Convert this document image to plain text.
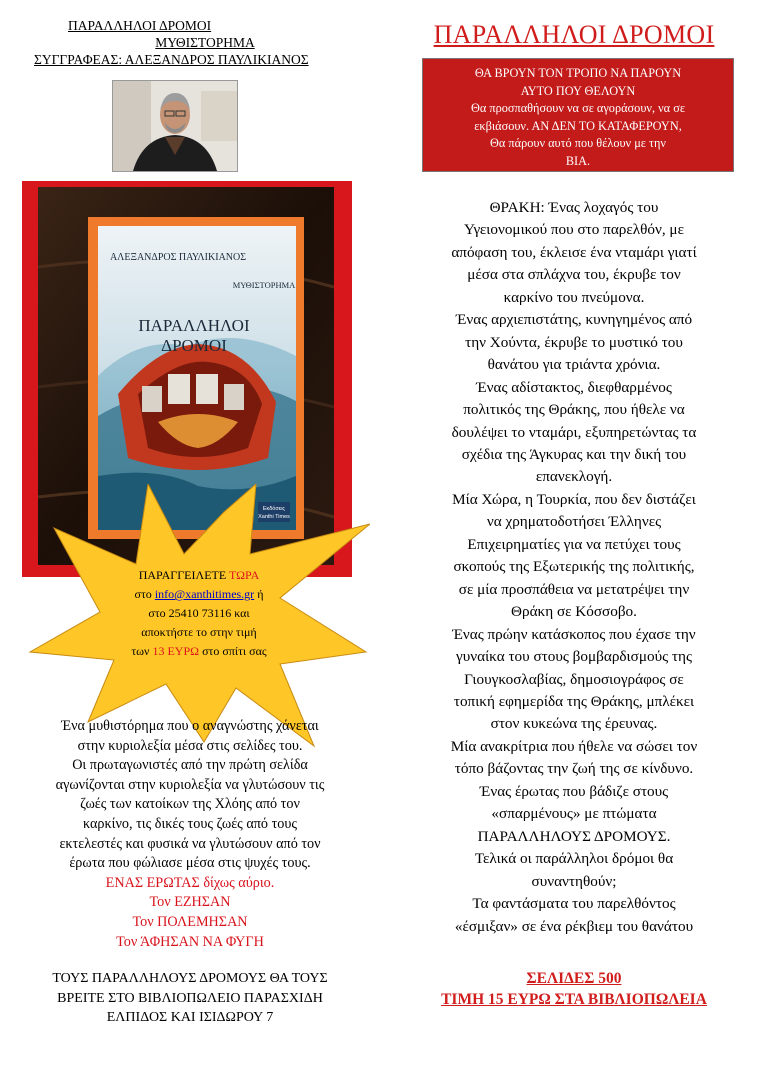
ΠΑΡΑΛΛΗΛΟΙ ΔΡΟΜΟΙ
ΜΥΘΙΣΤΟΡΗΜΑ
ΣΥΓΓΡΑΦΕΑΣ: ΑΛΕΞΑΝΔΡΟΣ ΠΑΥΛΙΚΙΑΝΟΣ
Εκδόσεις
Xanthi Times
ΑΛΕΞΑΝΔΡΟΣ ΠΑΥΛΙΚΙΑΝΟΣ
ΜΥΘΙΣΤΟΡΗΜΑ
ΠΑΡΑΛΛΗΛΟΙ
ΔΡΟΜΟΙ
ΠΑΡΑΓΓΕΙΛΕΤΕ ΤΩΡΑ
στο info@xanthitimes.gr ή
στο 25410 73116 και
αποκτήστε το στην τιμή
των 13 ΕΥΡΩ στο σπίτι σας
Ένα μυθιστόρημα που ο αναγνώστης χάνεται
στην κυριολεξία μέσα στις σελίδες του.
Οι πρωταγωνιστές από την πρώτη σελίδα
αγωνίζονται στην κυριολεξία να γλυτώσουν τις
ζωές των κατοίκων της Χλόης από τον
καρκίνο, τις δικές τους ζωές από τους
εκτελεστές και φυσικά να γλυτώσουν από τον
έρωτα που φώλιασε μέσα στις ψυχές τους.
ΕΝΑΣ ΕΡΩΤΑΣ δίχως αύριο.
Τον ΕΖΗΣΑΝ
Τον ΠΟΛΕΜΗΣΑΝ
Τον ΆΦΗΣΑΝ ΝΑ ΦΥΓΗ
ΤΟΥΣ ΠΑΡΑΛΛΗΛΟΥΣ ΔΡΟΜΟΥΣ ΘΑ ΤΟΥΣ
ΒΡΕΙΤΕ ΣΤΟ ΒΙΒΛΙΟΠΩΛΕΙΟ ΠΑΡΑΣΧΙΔΗ
ΕΛΠΙΔΟΣ ΚΑΙ ΙΣΙΔΩΡΟΥ 7
ΠΑΡΑΛΛΗΛΟΙ ΔΡΟΜΟΙ
ΘΑ ΒΡΟΥΝ ΤΟΝ ΤΡΟΠΟ ΝΑ ΠΑΡΟΥΝ
ΑΥΤΟ ΠΟΥ ΘΕΛΟΥΝ
Θα προσπαθήσουν να σε αγοράσουν, να σε
εκβιάσουν. ΑΝ ΔΕΝ ΤΟ ΚΑΤΑΦΕΡΟΥΝ,
Θα πάρουν αυτό που θέλουν με την
ΒΙΑ.
ΘΡΑΚΗ: Ένας λοχαγός του
Υγειονομικού που στο παρελθόν, με
απόφαση του, έκλεισε ένα νταμάρι γιατί
μέσα στα σπλάχνα του, έκρυβε τον
καρκίνο του πνεύμονα.
Ένας αρχιεπιστάτης, κυνηγημένος από
την Χούντα, έκρυβε το μυστικό του
θανάτου για τριάντα χρόνια.
Ένας αδίστακτος, διεφθαρμένος
πολιτικός της Θράκης, που ήθελε να
δουλέψει το νταμάρι, εξυπηρετώντας τα
σχέδια της Άγκυρας και την δική του
επανεκλογή.
Μία Χώρα, η Τουρκία, που δεν διστάζει
να χρηματοδοτήσει Έλληνες
Επιχειρηματίες για να πετύχει τους
σκοπούς της Εξωτερικής της πολιτικής,
σε μία προσπάθεια να μετατρέψει την
Θράκη σε Κόσσοβο.
Ένας πρώην κατάσκοπος που έχασε την
γυναίκα του στους βομβαρδισμούς της
Γιουγκοσλαβίας, δημοσιογράφος σε
τοπική εφημερίδα της Θράκης, μπλέκει
στον κυκεώνα της έρευνας.
Μία ανακρίτρια που ήθελε να σώσει τον
τόπο βάζοντας την ζωή της σε κίνδυνο.
Ένας έρωτας που βάδιζε στους
«σπαρμένους» με πτώματα
ΠΑΡΑΛΛΗΛΟΥΣ ΔΡΟΜΟΥΣ.
Τελικά οι παράλληλοι δρόμοι θα
συναντηθούν;
Τα φαντάσματα του παρελθόντος
«έσμιξαν» σε ένα ρέκβιεμ του θανάτου
ΣΕΛΙΔΕΣ 500
ΤΙΜΗ 15 ΕΥΡΩ ΣΤΑ ΒΙΒΛΙΟΠΩΛΕΙΑ
